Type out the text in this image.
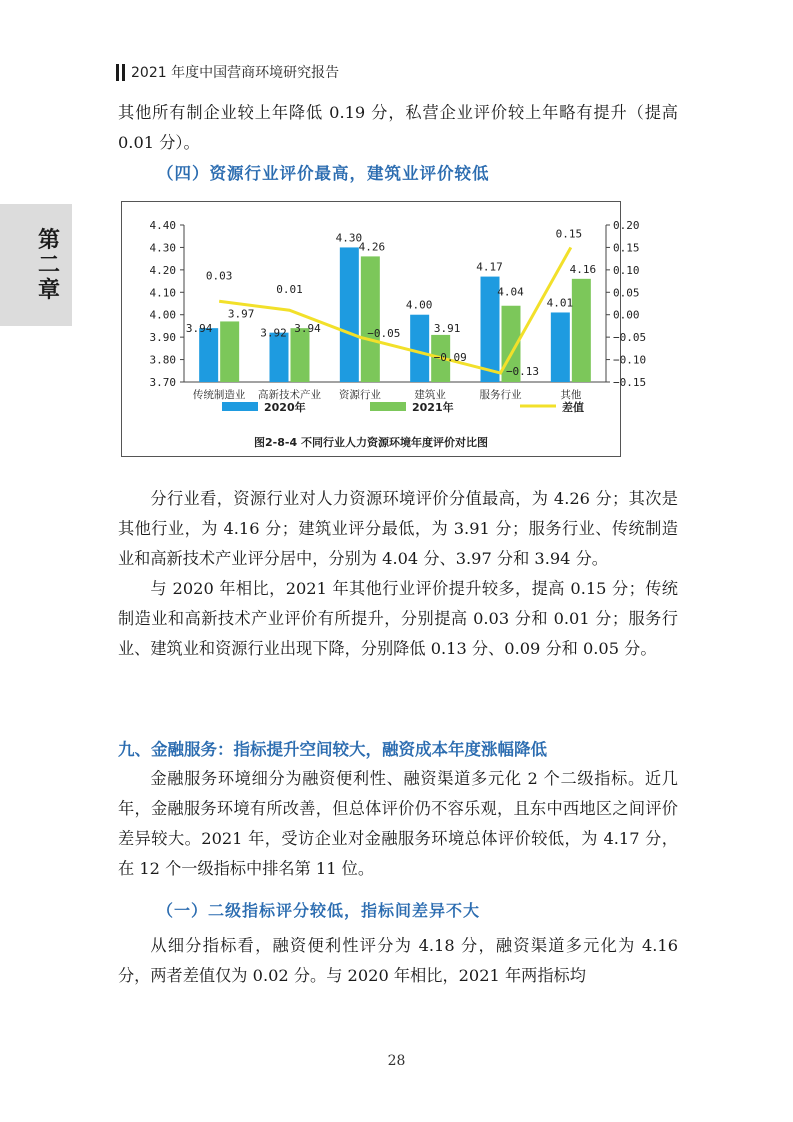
2021 年度中国营商环境研究报告
第二章

其他所有制企业较上年降低 0.19 分，私营企业评价较上年略有提升（提高 0.01 分）。

（四）资源行业评价最高，建筑业评价较低
图2-8-4 不同行业人力资源环境年度评价对比图
3.70
3.80
3.90
4.00
4.10
4.20
4.30
4.40
−0.15
−0.10
−0.05
0.00
0.05
0.10
0.15
0.20
传统制造业 高新技术产业 资源行业	建筑业	服务行业	其他
3.94	3.92
4.30
4.00
4.17
4.01
3.97
3.94
4.26
3.91
4.04
4.16
0.03
0.01
−0.05
−0.09
−0.13
0.15
2020年	2021年	差值

分行业看，资源行业对人力资源环境评价分值最高，为 4.26 分；其次是其他行业，为 4.16 分；建筑业评分最低，为 3.91 分；服务行业、传统制造业和高新技术产业评分居中，分别为 4.04 分、3.97 分和 3.94 分。

与 2020 年相比，2021 年其他行业评价提升较多，提高 0.15 分；传统制造业和高新技术产业评价有所提升，分别提高 0.03 分和 0.01 分；服务行业、建筑业和资源行业出现下降，分别降低 0.13 分、0.09 分和 0.05 分。

九、金融服务：指标提升空间较大，融资成本年度涨幅降低

金融服务环境细分为融资便利性、融资渠道多元化 2 个二级指标。近几年，金融服务环境有所改善，但总体评价仍不容乐观，且东中西地区之间评价差异较大。2021 年，受访企业对金融服务环境总体评价较低，为 4.17 分，在 12 个一级指标中排名第 11 位。

（一）二级指标评分较低，指标间差异不大

从细分指标看，融资便利性评分为 4.18 分，融资渠道多元化为 4.16 分，两者差值仅为 0.02 分。与 2020 年相比，2021 年两指标均

28
